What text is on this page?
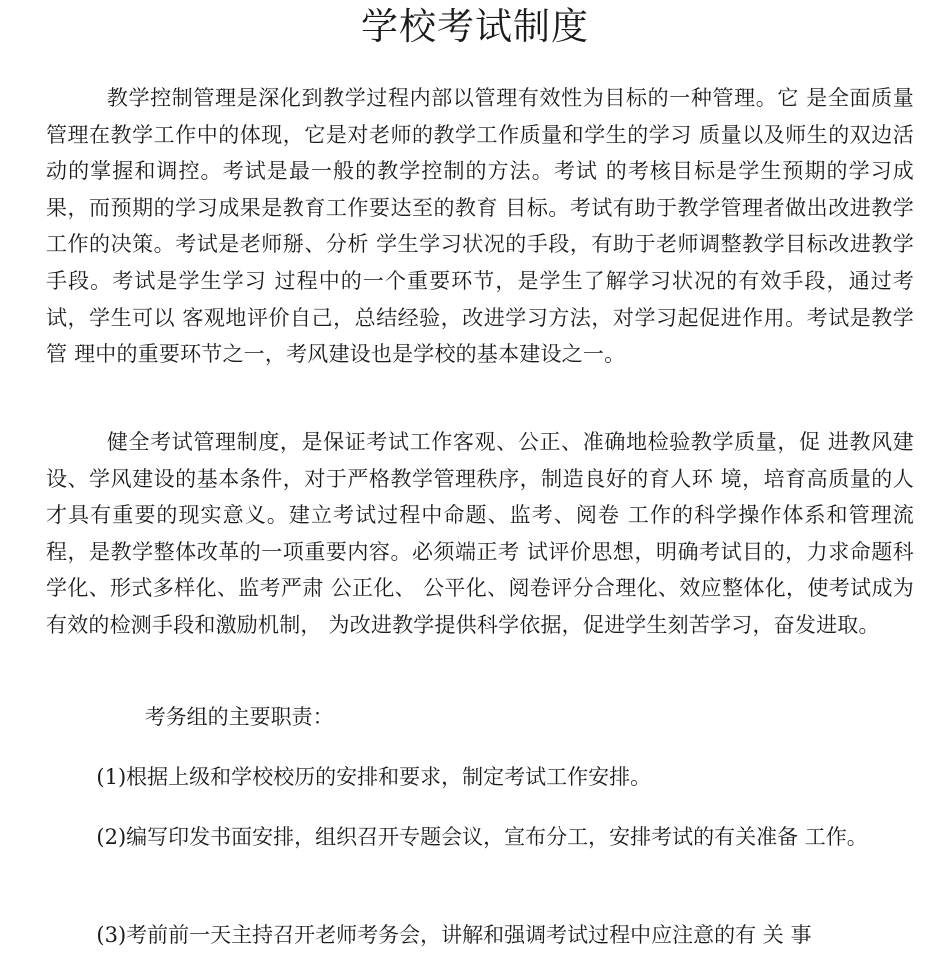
学校考试制度

教学控制管理是深化到教学过程内部以管理有效性为目标的一种管理。它 是全面质量管理在教学工作中的体现，它是对老师的教学工作质量和学生的学习 质量以及师生的双边活动的掌握和调控。考试是最一般的教学控制的方法。考试 的考核目标是学生预期的学习成果，而预期的学习成果是教育工作要达至的教育 目标。考试有助于教学管理者做出改进教学工作的决策。考试是老师掰、分析 学生学习状况的手段，有助于老师调整教学目标改进教学手段。考试是学生学习 过程中的一个重要环节，是学生了解学习状况的有效手段，通过考试，学生可以 客观地评价自己，总结经验，改进学习方法，对学习起促进作用。考试是教学管 理中的重要环节之一，考风建设也是学校的基本建设之一。

健全考试管理制度，是保证考试工作客观、公正、准确地检验教学质量，促 进教风建设、学风建设的基本条件，对于严格教学管理秩序，制造良好的育人环 境，培育高质量的人才具有重要的现实意义。建立考试过程中命题、监考、阅卷 工作的科学操作体系和管理流程，是教学整体改革的一项重要内容。必须端正考 试评价思想，明确考试目的，力求命题科学化、形式多样化、监考严肃 公正化、 公平化、阅卷评分合理化、效应整体化，使考试成为有效的检测手段和激励机制， 为改进教学提供科学依据，促进学生刻苦学习，奋发进取。

考务组的主要职责：

(1)根据上级和学校校历的安排和要求，制定考试工作安排。

(2)编写印发书面安排，组织召开专题会议，宣布分工，安排考试的有关准备 工作。

(3)考前前一天主持召开老师考务会，讲解和强调考试过程中应注意的有 关 事
